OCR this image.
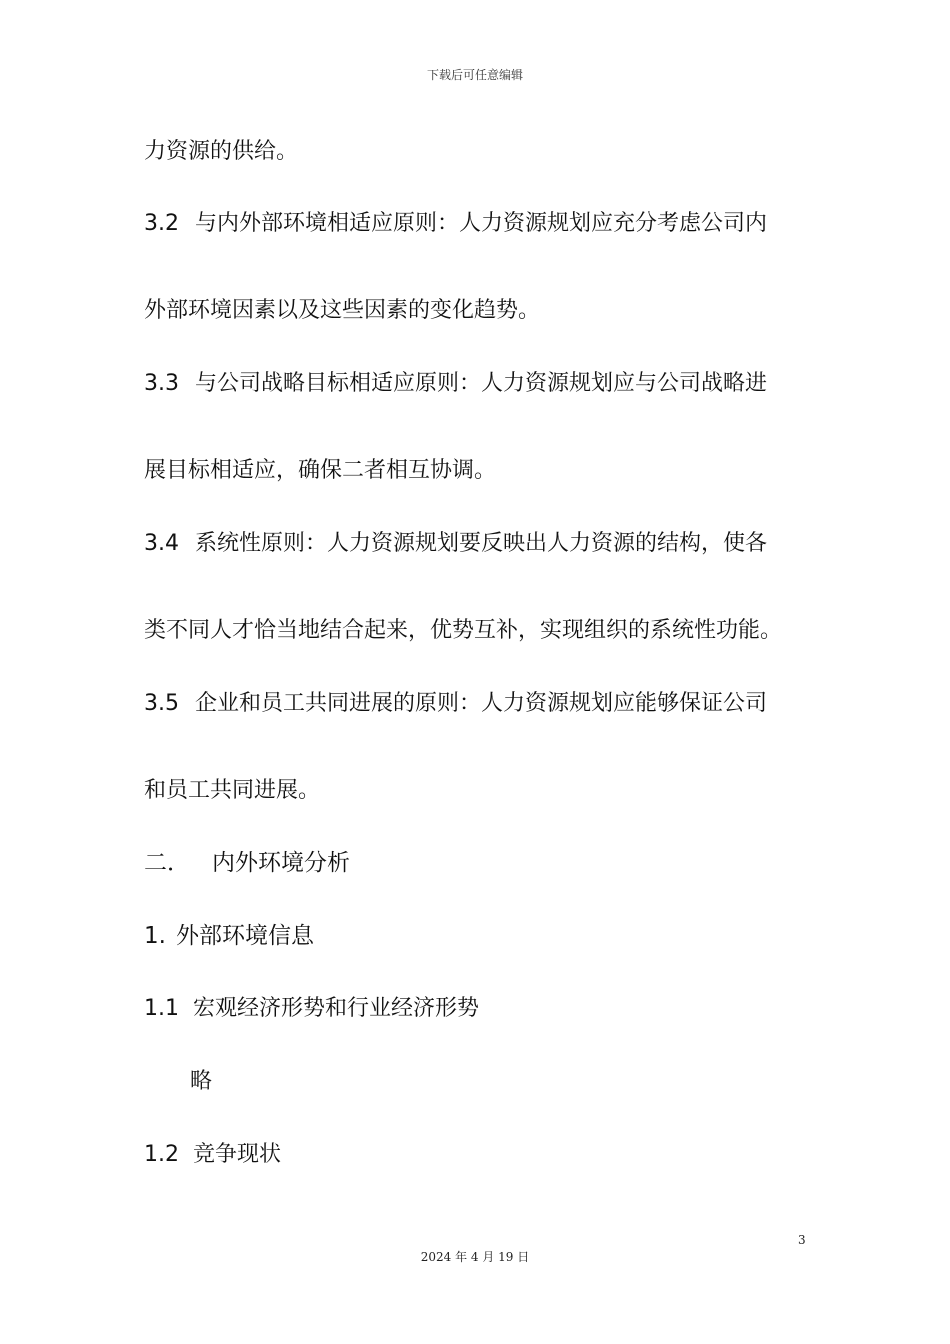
下载后可任意编辑
力资源的供给。
3.2 与内外部环境相适应原则：人力资源规划应充分考虑公司内
外部环境因素以及这些因素的变化趋势。
3.3 与公司战略目标相适应原则：人力资源规划应与公司战略进
展目标相适应，确保二者相互协调。
3.4 系统性原则：人力资源规划要反映出人力资源的结构，使各
类不同人才恰当地结合起来，优势互补，实现组织的系统性功能。
3.5 企业和员工共同进展的原则：人力资源规划应能够保证公司
和员工共同进展。
二． 内外环境分析
1. 外部环境信息
1.1 宏观经济形势和行业经济形势
略
1.2 竞争现状
3
2024 年 4 月 19 日
